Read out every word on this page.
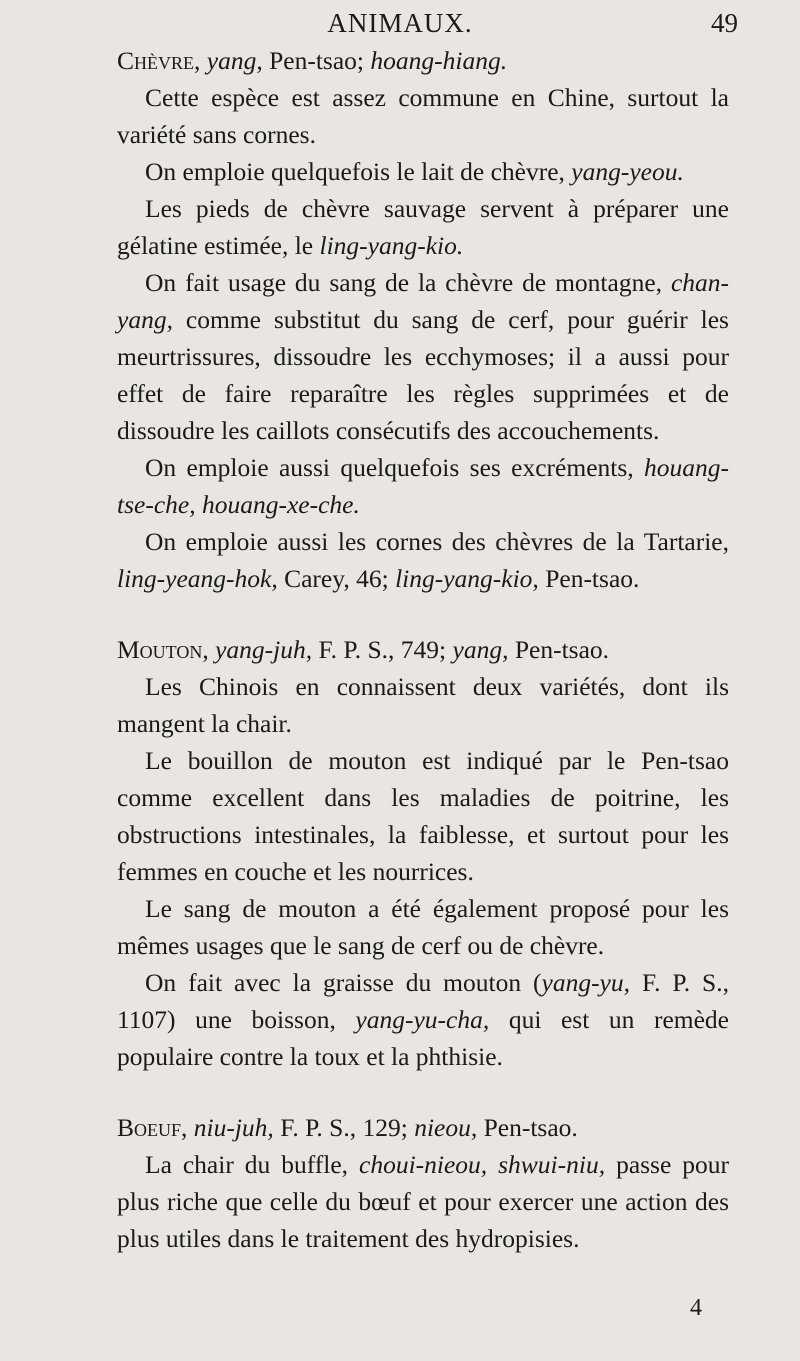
ANIMAUX.	49

Chèvre, yang, Pen-tsao; hoang-hiang.

Cette espèce est assez commune en Chine, surtout la variété sans cornes.

On emploie quelquefois le lait de chèvre, yang-yeou.

Les pieds de chèvre sauvage servent à préparer une gélatine estimée, le ling-yang-kio.

On fait usage du sang de la chèvre de montagne, chan-yang, comme substitut du sang de cerf, pour guérir les meurtrissures, dissoudre les ecchymoses; il a aussi pour effet de faire reparaître les règles supprimées et de dissoudre les caillots consécutifs des accouchements.

On emploie aussi quelquefois ses excréments, houang-tse-che, houang-xe-che.

On emploie aussi les cornes des chèvres de la Tartarie, ling-yeang-hok, Carey, 46; ling-yang-kio, Pen-tsao.

Mouton, yang-juh, F. P. S., 749; yang, Pen-tsao.

Les Chinois en connaissent deux variétés, dont ils mangent la chair.

Le bouillon de mouton est indiqué par le Pen-tsao comme excellent dans les maladies de poitrine, les obstructions intestinales, la faiblesse, et surtout pour les femmes en couche et les nourrices.

Le sang de mouton a été également proposé pour les mêmes usages que le sang de cerf ou de chèvre.

On fait avec la graisse du mouton (yang-yu, F. P. S., 1107) une boisson, yang-yu-cha, qui est un remède populaire contre la toux et la phthisie.

Boeuf, niu-juh, F. P. S., 129; nieou, Pen-tsao.

La chair du buffle, choui-nieou, shwui-niu, passe pour plus riche que celle du bœuf et pour exercer une action des plus utiles dans le traitement des hydropisies.

4
